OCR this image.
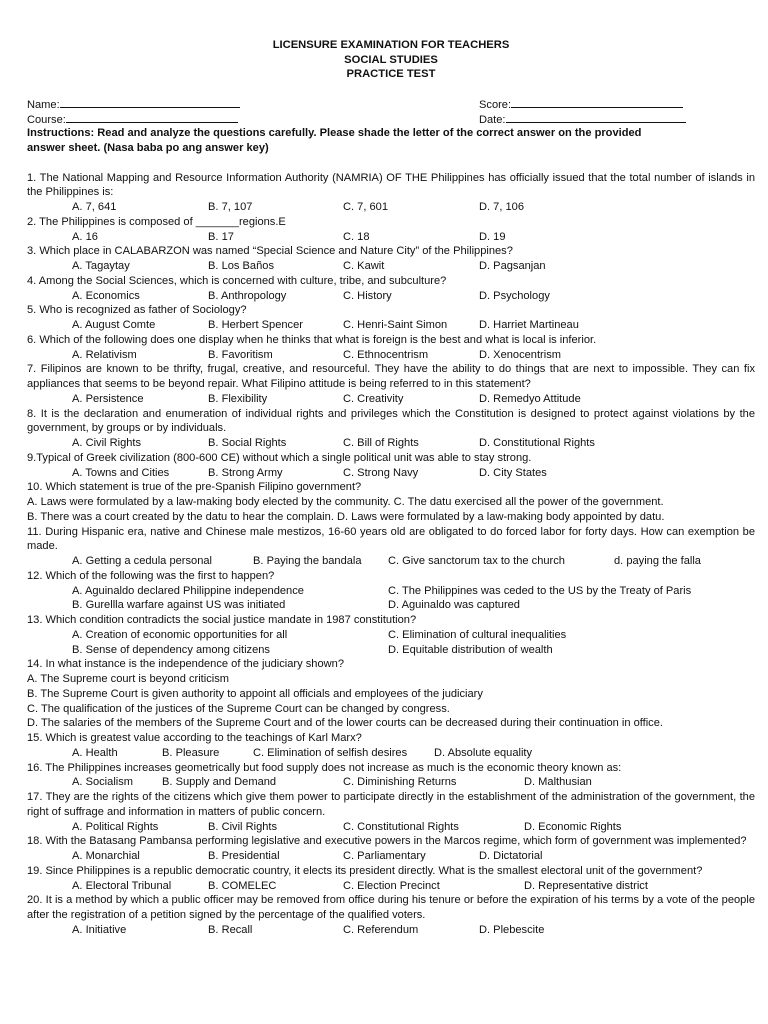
LICENSURE EXAMINATION FOR TEACHERS
SOCIAL STUDIES
PRACTICE TEST
Name:	Score:
Course:	Date:
Instructions: Read and analyze the questions carefully. Please shade the letter of the correct answer on the provided answer sheet. (Nasa baba po ang answer key)
1. The National Mapping and Resource Information Authority (NAMRIA) OF THE Philippines has officially issued that the total number of islands in the Philippines is:
A. 7, 641	B. 7, 107	C. 7, 601	D. 7, 106
2. The Philippines is composed of _______regions.E
A. 16	B. 17	C. 18	D. 19
3. Which place in CALABARZON was named “Special Science and Nature City” of the Philippines?
A. Tagaytay	B. Los Baños	C. Kawit	D. Pagsanjan
4. Among the Social Sciences, which is concerned with culture, tribe, and subculture?
A. Economics	B. Anthropology	C. History	D. Psychology
5. Who is recognized as father of Sociology?
A. August Comte	B. Herbert Spencer	C. Henri-Saint Simon	D. Harriet Martineau
6. Which of the following does one display when he thinks that what is foreign is the best and what is local is inferior.
A. Relativism	B. Favoritism	C. Ethnocentrism	D. Xenocentrism
7. Filipinos are known to be thrifty, frugal, creative, and resourceful. They have the ability to do things that are next to impossible. They can fix appliances that seems to be beyond repair. What Filipino attitude is being referred to in this statement?
A. Persistence	B. Flexibility	C. Creativity	D. Remedyo Attitude
8. It is the declaration and enumeration of individual rights and privileges which the Constitution is designed to protect against violations by the government, by groups or by individuals.
A. Civil Rights	B. Social Rights	C. Bill of Rights	D. Constitutional Rights
9.Typical of Greek civilization (800-600 CE) without which a single political unit was able to stay strong.
A. Towns and Cities	B. Strong Army	C. Strong Navy	D. City States
10. Which statement is true of the pre-Spanish Filipino government?
A. Laws were formulated by a law-making body elected by the community. C. The datu exercised all the power of the government.
B. There was a court created by the datu to hear the complain. D. Laws were formulated by a law-making body appointed by datu.
11. During Hispanic era, native and Chinese male mestizos, 16-60 years old are obligated to do forced labor for forty days. How can exemption be made.
A. Getting a cedula personal	B. Paying the bandala C. Give sanctorum tax to the church	d. paying the falla
12. Which of the following was the first to happen?
A. Aguinaldo declared Philippine independence	C. The Philippines was ceded to the US by the Treaty of Paris
B. Gurellla warfare against US was initiated	D. Aguinaldo was captured
13. Which condition contradicts the social justice mandate in 1987 constitution?
A. Creation of economic opportunities for all	C. Elimination of cultural inequalities
B. Sense of dependency among citizens	D. Equitable distribution of wealth
14. In what instance is the independence of the judiciary shown?
A. The Supreme court is beyond criticism
B. The Supreme Court is given authority to appoint all officials and employees of the judiciary
C. The qualification of the justices of the Supreme Court can be changed by congress.
D. The salaries of the members of the Supreme Court and of the lower courts can be decreased during their continuation in office.
15. Which is greatest value according to the teachings of Karl Marx?
A. Health	B. Pleasure	C. Elimination of selfish desires D. Absolute equality
16. The Philippines increases geometrically but food supply does not increase as much is the economic theory known as:
A. Socialism	B. Supply and Demand	C. Diminishing Returns	D. Malthusian
17. They are the rights of the citizens which give them power to participate directly in the establishment of the administration of the government, the right of suffrage and information in matters of public concern.
A. Political Rights	B. Civil Rights	C. Constitutional Rights	D. Economic Rights
18. With the Batasang Pambansa performing legislative and executive powers in the Marcos regime, which form of government was implemented?
A. Monarchial	B. Presidential	C. Parliamentary	D. Dictatorial
19. Since Philippines is a republic democratic country, it elects its president directly. What is the smallest electoral unit of the government?
A. Electoral Tribunal	B. COMELEC	C. Election Precinct	D. Representative district
20. It is a method by which a public officer may be removed from office during his tenure or before the expiration of his terms by a vote of the people after the registration of a petition signed by the percentage of the qualified voters.
A. Initiative	B. Recall	C. Referendum	D. Plebescite
